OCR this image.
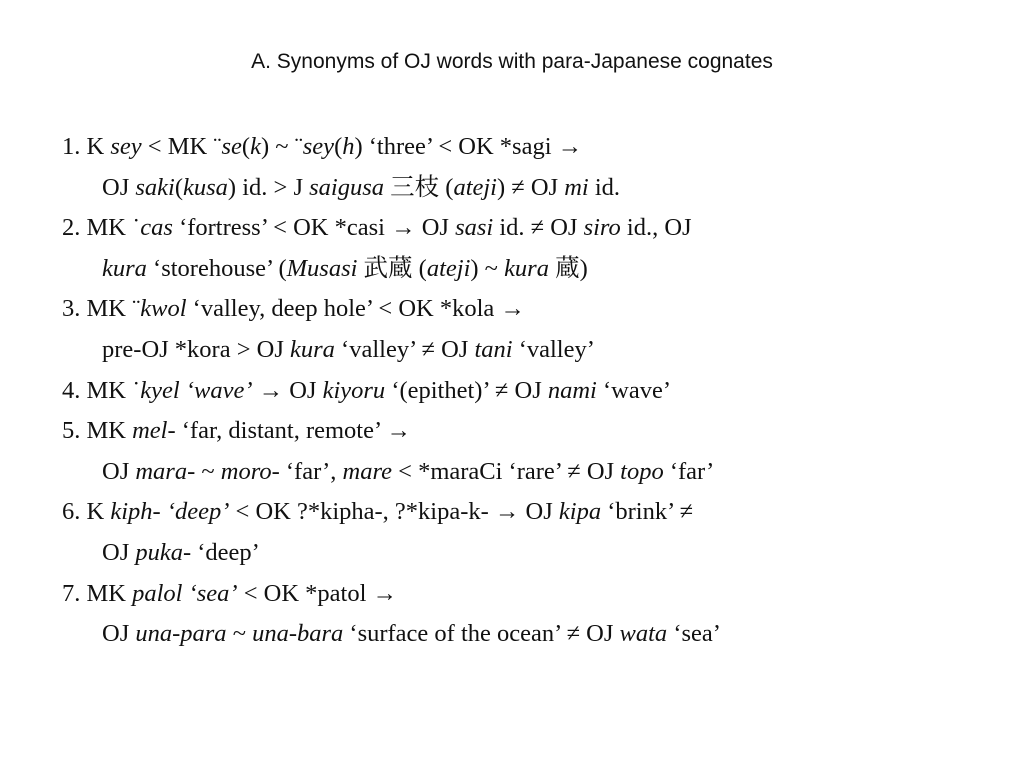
A. Synonyms of OJ words with para-Japanese cognates
1. K sey < MK ¨se(k) ~ ¨sey(h) ‘three’ < OK *sagi →
OJ saki(kusa) id. > J saigusa 三枝 (ateji) ≠ OJ mi id.
2. MK ˙cas ‘fortress’ < OK *casi → OJ sasi id. ≠ OJ siro id., OJ
kura ‘storehouse’ (Musasi 武蔵 (ateji) ~ kura 蔵)
3. MK ¨kwol ‘valley, deep hole’ < OK *kola →
pre-OJ *kora > OJ kura ‘valley’ ≠ OJ tani ‘valley’
4. MK ˙kyel ‘wave’ → OJ kiyoru ‘(epithet)’ ≠ OJ nami ‘wave’
5. MK mel- ‘far, distant, remote’ →
OJ mara- ~ moro- ‘far’, mare < *maraCi ‘rare’ ≠ OJ topo ‘far’
6. K kiph- ‘deep’ < OK ?*kipha-, ?*kipa-k- → OJ kipa ‘brink’ ≠
OJ puka- ‘deep’
7. MK palol ‘sea’ < OK *patol →
OJ una-para ~ una-bara ‘surface of the ocean’ ≠ OJ wata ‘sea’
